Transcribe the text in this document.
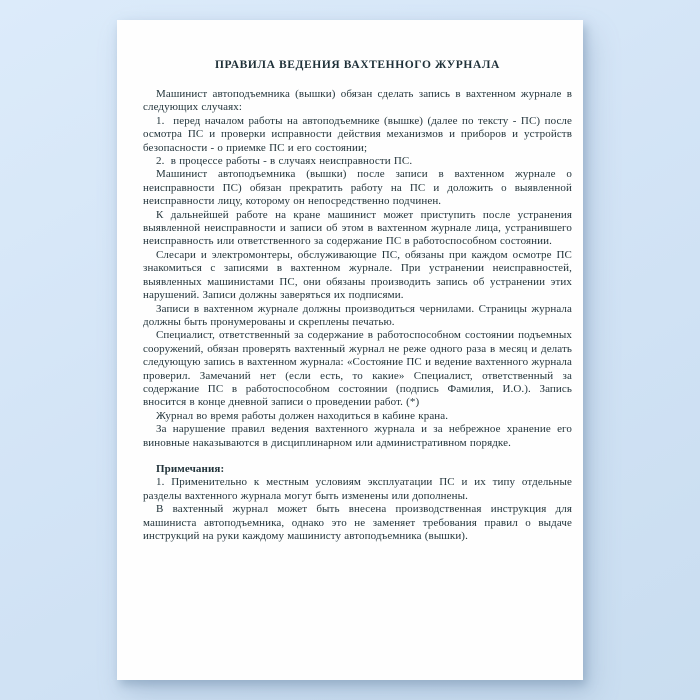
ПРАВИЛА ВЕДЕНИЯ ВАХТЕННОГО ЖУРНАЛА

Машинист автоподъемника (вышки) обязан сделать запись в вахтенном журнале в следующих случаях:

1.  перед началом работы на автоподъемнике (вышке) (далее по тексту - ПС) после осмотра ПС и проверки исправности действия механизмов и приборов и устройств безопасности - о приемке ПС и его состоянии;

2.  в процессе работы - в случаях неисправности ПС.

Машинист автоподъемника (вышки) после записи в вахтенном журнале о неисправности ПС) обязан прекратить работу на ПС и доложить о выявленной неисправности лицу, которому он непосредственно подчинен.

К дальнейшей работе на кране машинист может приступить после устранения выявленной неисправности и записи об этом в вахтенном журнале лица, устранившего неисправность или ответственного за содержание ПС в работоспособном состоянии.

Слесари и электромонтеры, обслуживающие ПС, обязаны при каждом осмотре ПС знакомиться с записями в вахтенном журнале. При устранении неисправностей, выявленных машинистами ПС, они обязаны производить запись об устранении этих нарушений. Записи должны заверяться их подписями.

Записи в вахтенном журнале должны производиться чернилами. Страницы журнала должны быть пронумерованы и скреплены печатью.

Специалист, ответственный за содержание в работоспособном состоянии подъемных сооружений, обязан проверять вахтенный журнал не реже одного раза в месяц и делать следующую запись в вахтенном журнала: «Состояние ПС и ведение вахтенного журнала проверил. Замечаний нет (если есть, то какие» Специалист, ответственный за содержание ПС в работоспособном состоянии (подпись Фамилия, И.О.). Запись вносится в конце дневной записи о проведении работ. (*)

Журнал во время работы должен находиться в кабине крана.

За нарушение правил ведения вахтенного журнала и за небрежное хранение его виновные наказываются в дисциплинарном или административном порядке.

Примечания:

1. Применительно к местным условиям эксплуатации ПС и их типу отдельные разделы вахтенного журнала могут быть изменены или дополнены.

В вахтенный журнал может быть внесена производственная инструкция для машиниста автоподъемника, однако это не заменяет требования правил о выдаче инструкций на руки каждому машинисту автоподъемника (вышки).
